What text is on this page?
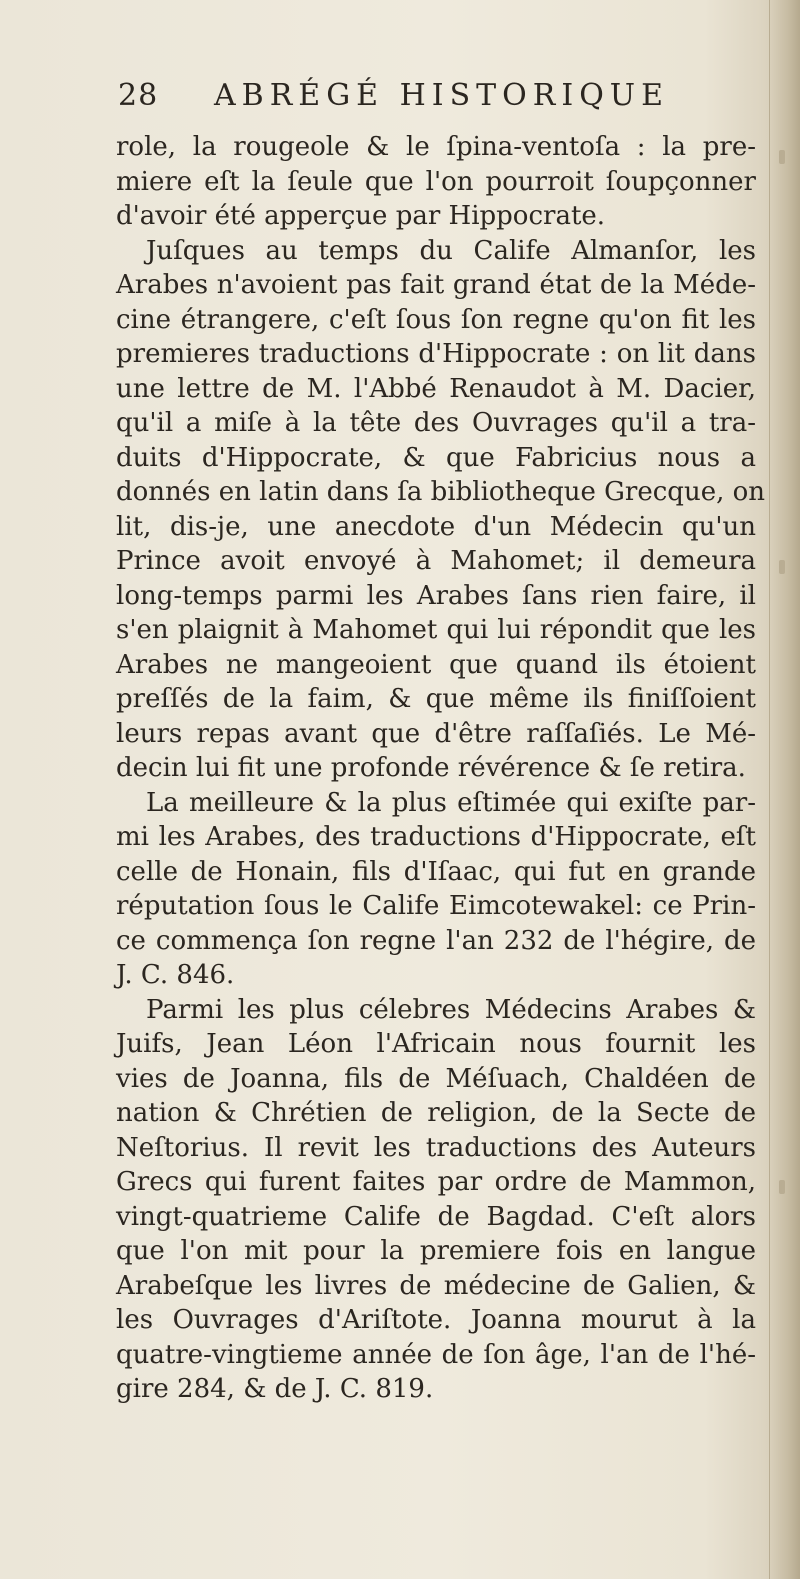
28 ABRÉGÉ HISTORIQUE
role, la rougeole & le ſpina-ventoſa : la pre-
miere eſt la ſeule que l'on pourroit ſoupçonner
d'avoir été apperçue par Hippocrate.
Juſques au temps du Calife Almanſor, les
Arabes n'avoient pas fait grand état de la Méde-
cine étrangere, c'eſt ſous ſon regne qu'on fit les
premieres traductions d'Hippocrate : on lit dans
une lettre de M. l'Abbé Renaudot à M. Dacier,
qu'il a miſe à la tête des Ouvrages qu'il a tra-
duits d'Hippocrate, & que Fabricius nous a
donnés en latin dans ſa bibliotheque Grecque, on
lit, dis-je, une anecdote d'un Médecin qu'un
Prince avoit envoyé à Mahomet; il demeura
long-temps parmi les Arabes ſans rien faire, il
s'en plaignit à Mahomet qui lui répondit que les
Arabes ne mangeoient que quand ils étoient
preſſés de la faim, & que même ils finiſſoient
leurs repas avant que d'être raſſaſiés. Le Mé-
decin lui fit une profonde révérence & ſe retira.
La meilleure & la plus eſtimée qui exiſte par-
mi les Arabes, des traductions d'Hippocrate, eſt
celle de Honain, fils d'Iſaac, qui fut en grande
réputation ſous le Calife Eimcotewakel: ce Prin-
ce commença ſon regne l'an 232 de l'hégire, de
J. C. 846.
Parmi les plus célebres Médecins Arabes &
Juifs, Jean Léon l'Africain nous fournit les
vies de Joanna, fils de Méſuach, Chaldéen de
nation & Chrétien de religion, de la Secte de
Neſtorius. Il revit les traductions des Auteurs
Grecs qui furent faites par ordre de Mammon,
vingt-quatrieme Calife de Bagdad. C'eſt alors
que l'on mit pour la premiere fois en langue
Arabeſque les livres de médecine de Galien, &
les Ouvrages d'Ariſtote. Joanna mourut à la
quatre-vingtieme année de ſon âge, l'an de l'hé-
gire 284, & de J. C. 819.
